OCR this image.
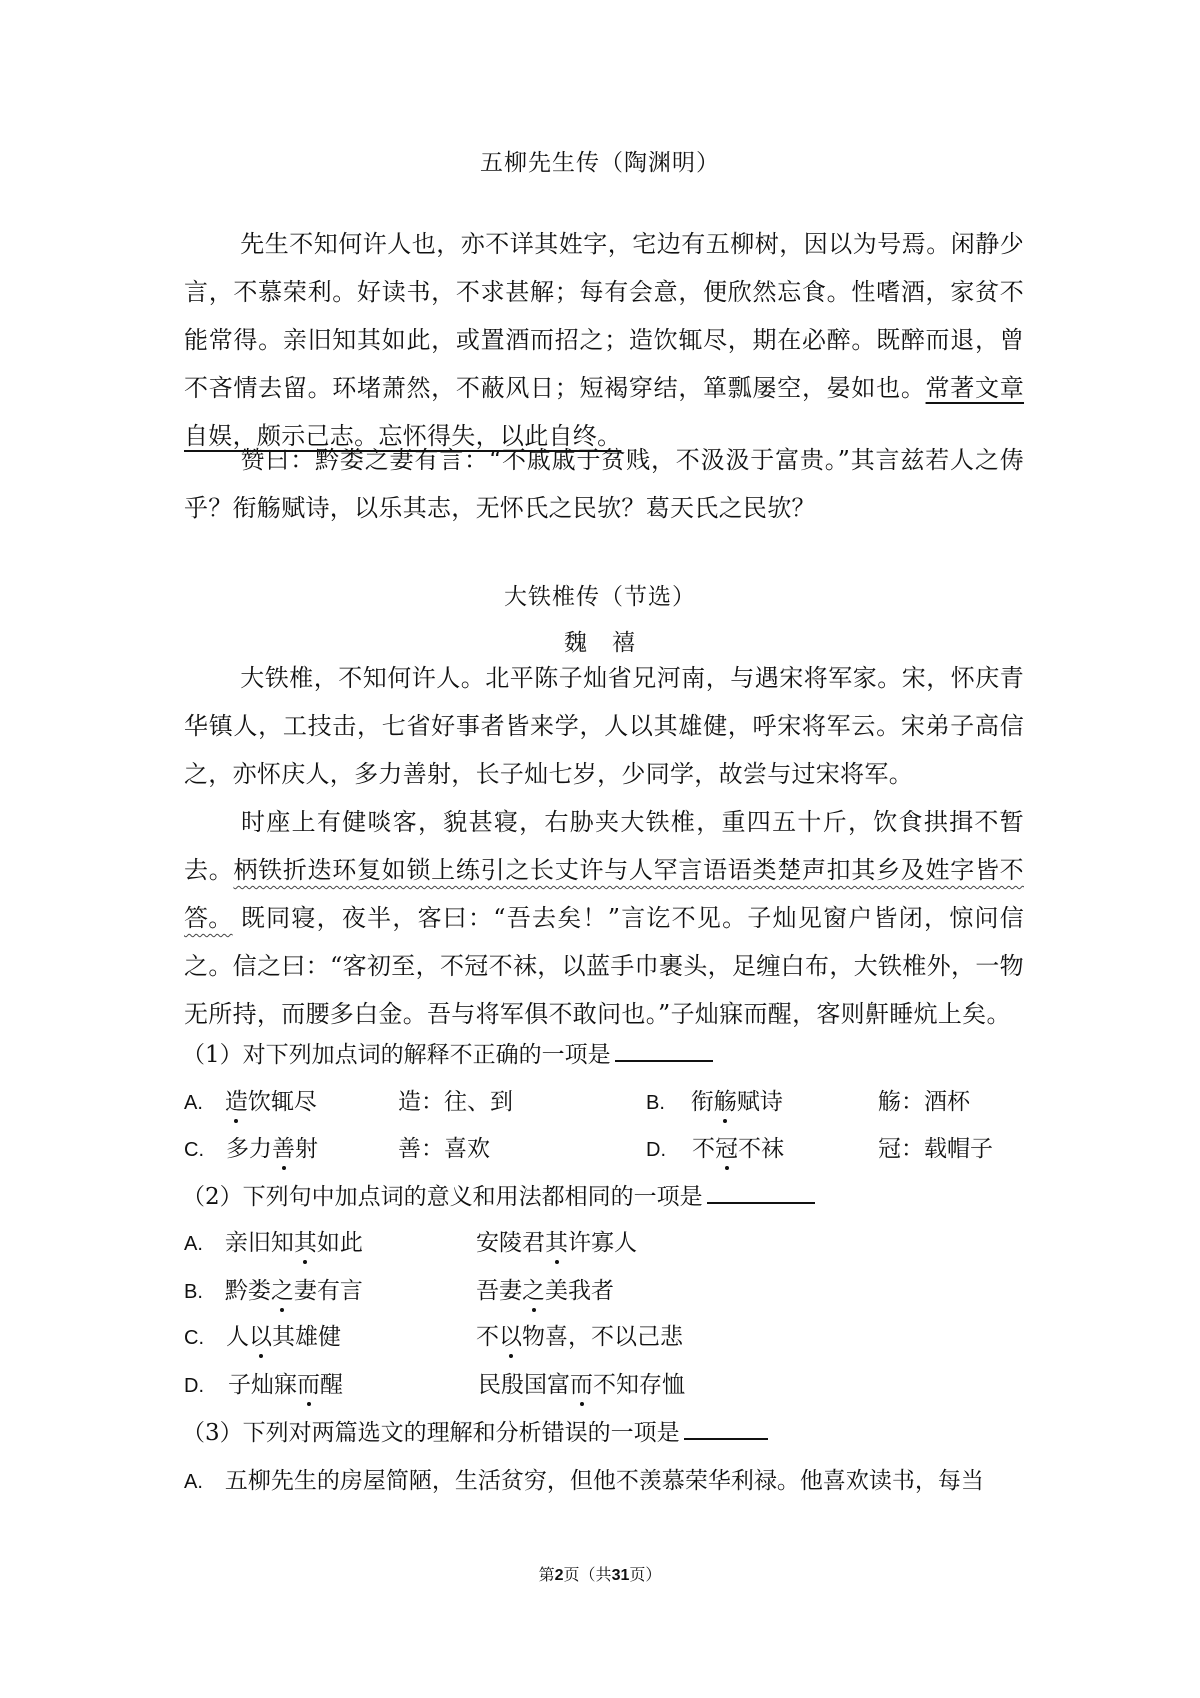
五柳先生传（陶渊明）
先生不知何许人也，亦不详其姓字，宅边有五柳树，因以为号焉。闲静少言，不慕荣利。好读书，不求甚解；每有会意，便欣然忘食。性嗜酒，家贫不能常得。亲旧知其如此，或置酒而招之；造饮辄尽，期在必醉。既醉而退，曾不吝情去留。环堵萧然，不蔽风日；短褐穿结，箪瓢屡空，晏如也。常著文章自娱，颇示己志。忘怀得失，以此自终。
赞曰：黔娄之妻有言：“不戚戚于贫贱，不汲汲于富贵。”其言兹若人之俦乎？衔觞赋诗，以乐其志，无怀氏之民欤？葛天氏之民欤？
大铁椎传（节选）
魏　禧
大铁椎，不知何许人。北平陈子灿省兄河南，与遇宋将军家。宋，怀庆青华镇人，工技击，七省好事者皆来学，人以其雄健，呼宋将军云。宋弟子高信之，亦怀庆人，多力善射，长子灿七岁，少同学，故尝与过宋将军。
时座上有健啖客，貌甚寝，右胁夹大铁椎，重四五十斤，饮食拱揖不暂去。柄铁折迭环复如锁上练引之长丈许与人罕言语语类楚声扣其乡及姓字皆不答。 既同寝，夜半，客曰：“吾去矣！”言讫不见。子灿见窗户皆闭，惊问信之。信之曰：“客初至，不冠不袜，以蓝手巾裹头，足缠白布，大铁椎外，一物无所持，而腰多白金。吾与将军俱不敢问也。”子灿寐而醒，客则鼾睡炕上矣。
（1）对下列加点词的解释不正确的一项是
A. 造饮辄尽	造：往、到	B. 衔觞赋诗	觞：酒杯
C. 多力善射	善：喜欢	D. 不冠不袜	冠：载帽子
（2）下列句中加点词的意义和用法都相同的一项是
A. 亲旧知其如此	安陵君其许寡人
B. 黔娄之妻有言	吾妻之美我者
C. 人以其雄健	不以物喜，不以己悲
D. 子灿寐而醒	民殷国富而不知存恤
（3）下列对两篇选文的理解和分析错误的一项是
A. 五柳先生的房屋简陋，生活贫穷，但他不羡慕荣华利禄。他喜欢读书，每当
第2页（共31页）
